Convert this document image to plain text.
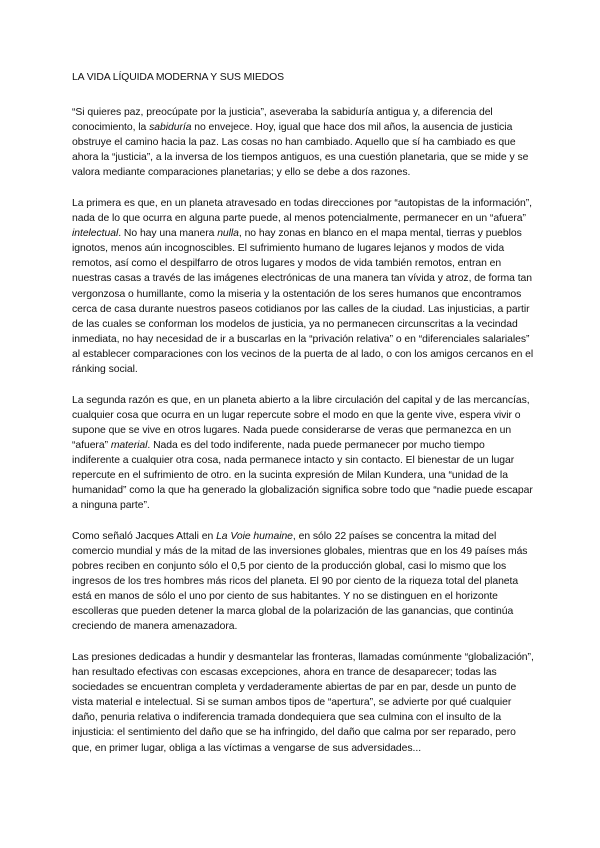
LA VIDA LÍQUIDA MODERNA Y SUS MIEDOS

“Si quieres paz, preocúpate por la justicia”, aseveraba la sabiduría antigua y, a diferencia del conocimiento, la sabiduría no envejece. Hoy, igual que hace dos mil años, la ausencia de justicia obstruye el camino hacia la paz. Las cosas no han cambiado. Aquello que sí ha cambiado es que ahora la “justicia”, a la inversa de los tiempos antiguos, es una cuestión planetaria, que se mide y se valora mediante comparaciones planetarias; y ello se debe a dos razones.

La primera es que, en un planeta atravesado en todas direcciones por “autopistas de la información”, nada de lo que ocurra en alguna parte puede, al menos potencialmente, permanecer en un “afuera” intelectual. No hay una manera nulla, no hay zonas en blanco en el mapa mental, tierras y pueblos ignotos, menos aún incognoscibles. El sufrimiento humano de lugares lejanos y modos de vida remotos, así como el despilfarro de otros lugares y modos de vida también remotos, entran en nuestras casas a través de las imágenes electrónicas de una manera tan vívida y atroz, de forma tan vergonzosa o humillante, como la miseria y la ostentación de los seres humanos que encontramos cerca de casa durante nuestros paseos cotidianos por las calles de la ciudad. Las injusticias, a partir de las cuales se conforman los modelos de justicia, ya no permanecen circunscritas a la vecindad inmediata, no hay necesidad de ir a buscarlas en la “privación relativa” o en “diferenciales salariales” al establecer comparaciones con los vecinos de la puerta de al lado, o con los amigos cercanos en el ránking social.

La segunda razón es que, en un planeta abierto a la libre circulación del capital y de las mercancías, cualquier cosa que ocurra en un lugar repercute sobre el modo en que la gente vive, espera vivir o supone que se vive en otros lugares. Nada puede considerarse de veras que permanezca en un “afuera” material. Nada es del todo indiferente, nada puede permanecer por mucho tiempo indiferente a cualquier otra cosa, nada permanece intacto y sin contacto. El bienestar de un lugar repercute en el sufrimiento de otro. en la sucinta expresión de Milan Kundera, una “unidad de la humanidad” como la que ha generado la globalización significa sobre todo que “nadie puede escapar a ninguna parte”.

Como señaló Jacques Attali en La Voie humaine, en sólo 22 países se concentra la mitad del comercio mundial y más de la mitad de las inversiones globales, mientras que en los 49 países más pobres reciben en conjunto sólo el 0,5 por ciento de la producción global, casi lo mismo que los ingresos de los tres hombres más ricos del planeta. El 90 por ciento de la riqueza total del planeta está en manos de sólo el uno por ciento de sus habitantes. Y no se distinguen en el horizonte escolleras que pueden detener la marca global de la polarización de las ganancias, que continúa creciendo de manera amenazadora.

Las presiones dedicadas a hundir y desmantelar las fronteras, llamadas comúnmente “globalización”, han resultado efectivas con escasas excepciones, ahora en trance de desaparecer; todas las sociedades se encuentran completa y verdaderamente abiertas de par en par, desde un punto de vista material e intelectual. Si se suman ambos tipos de “apertura”, se advierte por qué cualquier daño, penuria relativa o indiferencia tramada dondequiera que sea culmina con el insulto de la injusticia: el sentimiento del daño que se ha infringido, del daño que calma por ser reparado, pero que, en primer lugar, obliga a las víctimas a vengarse de sus adversidades...
